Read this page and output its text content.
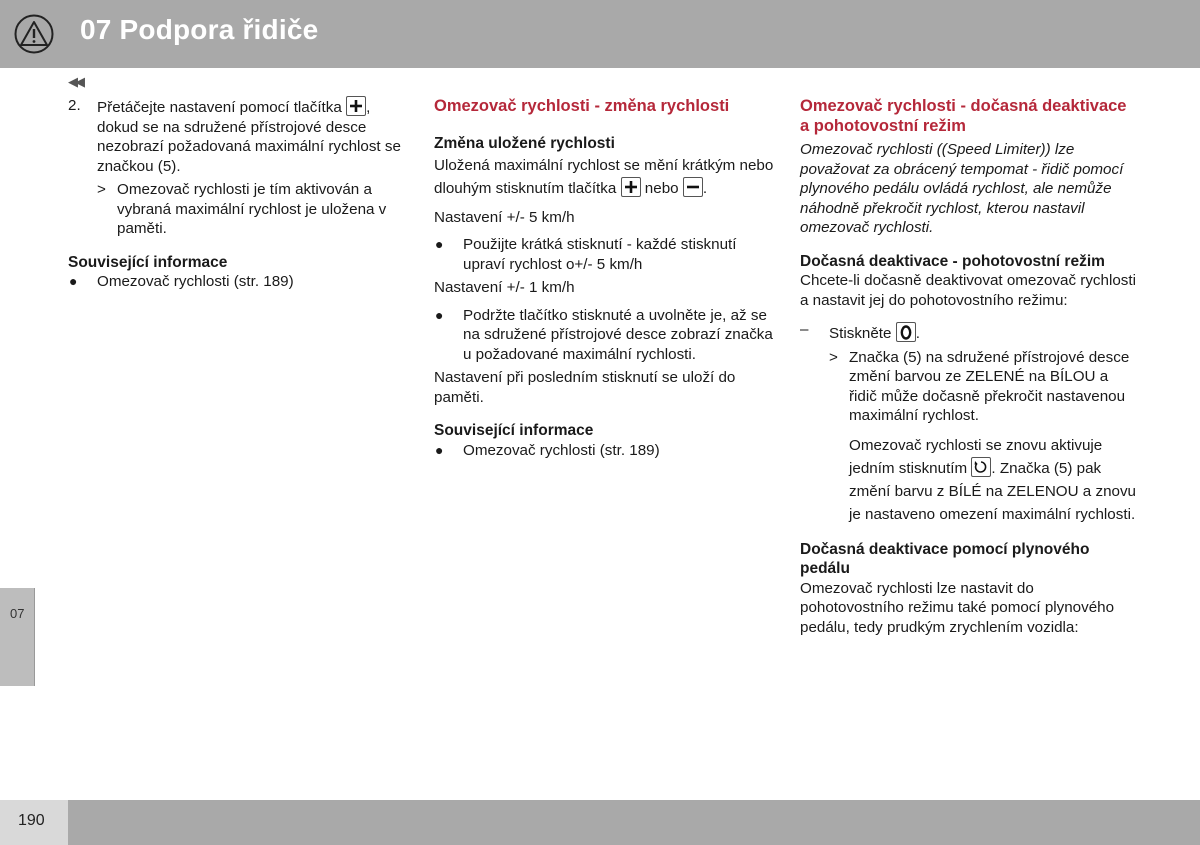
07 Podpora řidiče
◀◀
2. Přetáčejte nastavení pomocí tlačítka , dokud se na sdružené přístrojové desce nezobrazí požadovaná maximální rychlost se značkou (5).
> Omezovač rychlosti je tím aktivován a vybraná maximální rychlost je uložena v paměti.
Související informace
● Omezovač rychlosti (str. 189)
Omezovač rychlosti - změna rychlosti
Změna uložené rychlosti
Uložená maximální rychlost se mění krátkým nebo dlouhým stisknutím tlačítka nebo .
Nastavení +/- 5 km/h
● Použijte krátká stisknutí - každé stisknutí upraví rychlost o+/- 5 km/h
Nastavení +/- 1 km/h
● Podržte tlačítko stisknuté a uvolněte je, až se na sdružené přístrojové desce zobrazí značka u požadované maximální rychlosti.
Nastavení při posledním stisknutí se uloží do paměti.
Související informace
● Omezovač rychlosti (str. 189)
Omezovač rychlosti - dočasná deaktivace a pohotovostní režim
Omezovač rychlosti ((Speed Limiter)) lze považovat za obrácený tempomat - řidič pomocí plynového pedálu ovládá rychlost, ale nemůže náhodně překročit rychlost, kterou nastavil omezovač rychlosti.
Dočasná deaktivace - pohotovostní režim
Chcete-li dočasně deaktivovat omezovač rychlosti a nastavit jej do pohotovostního režimu:
– Stiskněte .
> Značka (5) na sdružené přístrojové desce změní barvou ze ZELENÉ na BÍLOU a řidič může dočasně překročit nastavenou maximální rychlost.
Omezovač rychlosti se znovu aktivuje jedním stisknutím . Značka (5) pak změní barvu z BÍLÉ na ZELENOU a znovu je nastaveno omezení maximální rychlosti.
Dočasná deaktivace pomocí plynového pedálu
Omezovač rychlosti lze nastavit do pohotovostního režimu také pomocí plynového pedálu, tedy prudkým zrychlením vozidla:
07
190
